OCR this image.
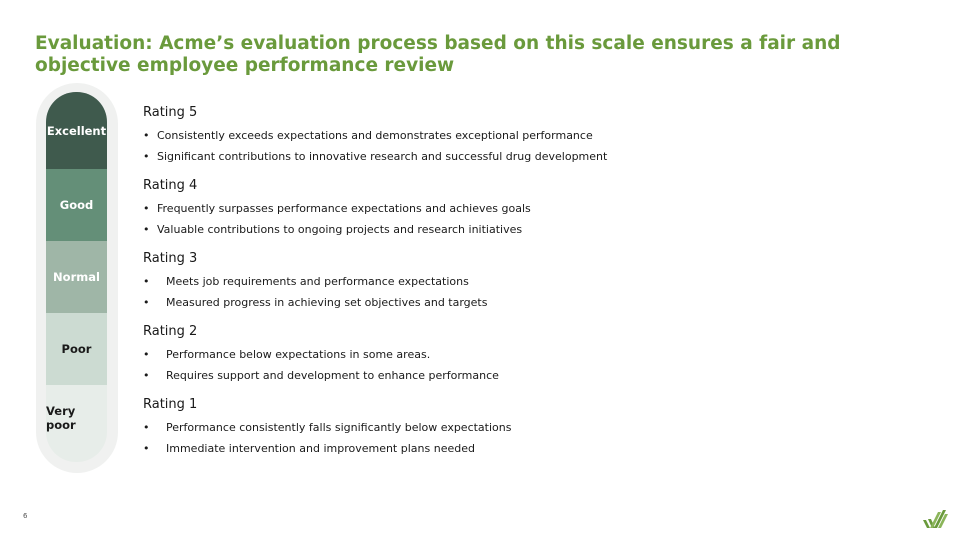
Evaluation: Acme’s evaluation process based on this scale ensures a fair and objective employee performance review
Excellent
Good
Normal
Poor
Very poor
Rating 5
• Consistently exceeds expectations and demonstrates exceptional performance
• Significant contributions to innovative research and successful drug development
Rating 4
• Frequently surpasses performance expectations and achieves goals
• Valuable contributions to ongoing projects and research initiatives
Rating 3
•	Meets job requirements and performance expectations
•	Measured progress in achieving set objectives and targets
Rating 2
•	Performance below expectations in some areas.
•	Requires support and development to enhance performance
Rating 1
•	Performance consistently falls significantly below expectations
•	Immediate intervention and improvement plans needed
6
